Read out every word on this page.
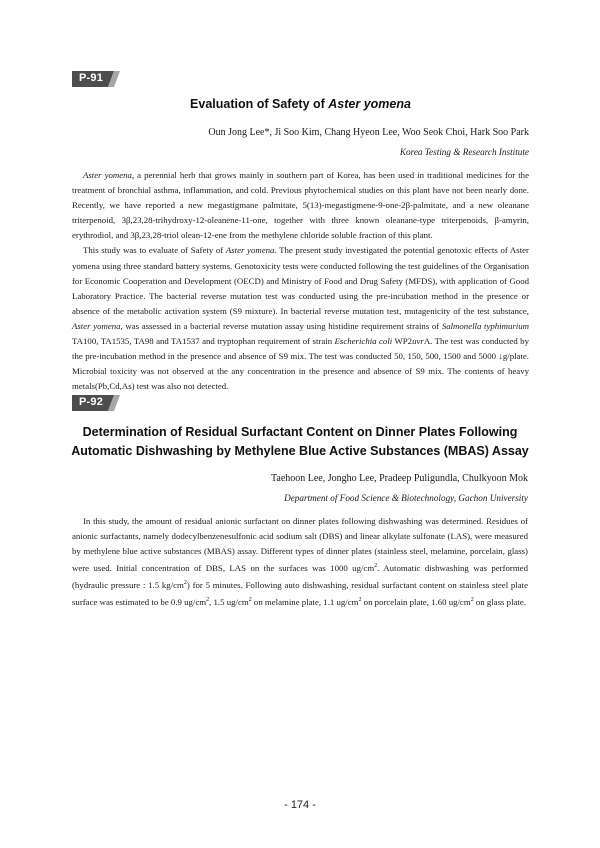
P-91
Evaluation of Safety of Aster yomena
Oun Jong Lee*, Ji Soo Kim, Chang Hyeon Lee, Woo Seok Choi, Hark Soo Park
Korea Testing & Research Institute

Aster yomena, a perennial herb that grows mainly in southern part of Korea, has been used in traditional medicines for the treatment of bronchial asthma, inflammation, and cold. Previous phytochemical studies on this plant have not been nearly done. Recently, we have reported a new megastigmane palmitate, 5(13)-megastigmene-9-one-2β-palmitate, and a new oleanane triterpenoid, 3β,23,28-trihydroxy-12-oleanene-11-one, together with three known oleanane-type triterpenoids, β-amyrin, erythrodiol, and 3β,23,28-triol olean-12-ene from the methylene chloride soluble fraction of this plant.

This study was to evaluate of Safety of Aster yomena. The present study investigated the potential genotoxic effects of Aster yomena using three standard battery systems. Genotoxicity tests were conducted following the test guidelines of the Organisation for Economic Cooperation and Development (OECD) and Ministry of Food and Drug Safety (MFDS), with application of Good Laboratory Practice. The bacterial reverse mutation test was conducted using the pre-incubation method in the presence or absence of the metabolic activation system (S9 mixture). In bacterial reverse mutation test, mutagenicity of the test substance, Aster yomena, was assessed in a bacterial reverse mutation assay using histidine requirement strains of Salmonella typhimurium TA100, TA1535, TA98 and TA1537 and tryptophan requirement of strain Escherichia coli WP2uvrA. The test was conducted by the pre-incubation method in the presence and absence of S9 mix. The test was conducted 50, 150, 500, 1500 and 5000 ↓g/plate. Microbial toxicity was not observed at the any concentration in the presence and absence of S9 mix. The contents of heavy metals(Pb,Cd,As) test was also not detected.

P-92
Determination of Residual Surfactant Content on Dinner Plates Following
Automatic Dishwashing by Methylene Blue Active Substances (MBAS) Assay
Taehoon Lee, Jongho Lee, Pradeep Puligundla, Chulkyoon Mok
Department of Food Science & Biotechnology, Gachon University

In this study, the amount of residual anionic surfactant on dinner plates following dishwashing was determined. Residues of anionic surfactants, namely dodecylbenzenesulfonic acid sodium salt (DBS) and linear alkylate sulfonate (LAS), were measured by methylene blue active substances (MBAS) assay. Different types of dinner plates (stainless steel, melamine, porcelain, glass) were used. Initial concentration of DBS, LAS on the surfaces was 1000 $ug/cm^2$. Automatic dishwashing was performed (hydraulic pressure : 1.5 $kg/cm^2$) for 5 minutes. Following auto dishwashing, residual surfactant content on stainless steel plate surface was estimated to be 0.9 $ug/cm^2$, 1.5 $ug/cm^2$ on melamine plate, 1.1 $ug/cm^2$ on porcelain plate, 1.60 $ug/cm^2$ on glass plate.

- 174 -
